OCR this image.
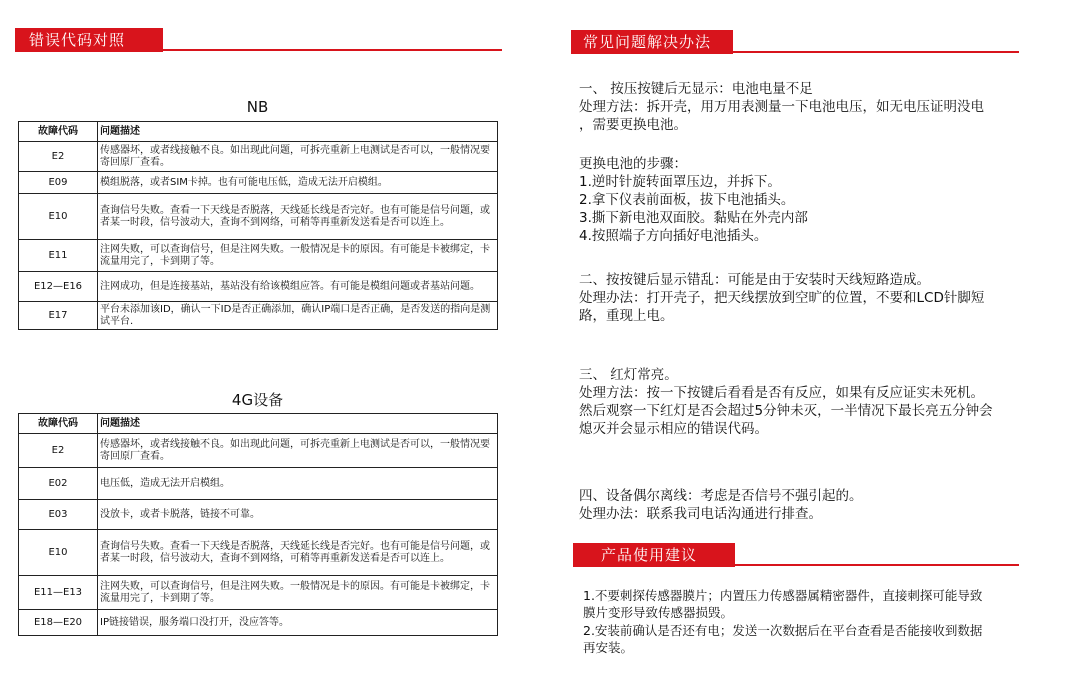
错误代码对照
NB
故障代码	问题描述
E2	传感器坏，或者线接触不良。如出现此问题，可拆壳重新上电测试是否可以，一般情况要寄回原厂查看。
E09	模组脱落，或者SIM卡掉。也有可能电压低，造成无法开启模组。
E10	查询信号失败。查看一下天线是否脱落，天线延长线是否完好。也有可能是信号问题，或者某一时段，信号波动大，查询不到网络，可稍等再重新发送看是否可以连上。
E11	注网失败，可以查询信号，但是注网失败。一般情况是卡的原因。有可能是卡被绑定，卡流量用完了，卡到期了等。
E12—E16	注网成功，但是连接基站，基站没有给该模组应答。有可能是模组问题或者基站问题。
E17	平台未添加该ID，确认一下ID是否正确添加，确认IP端口是否正确，是否发送的指向是测试平台.
4G设备
故障代码	问题描述
E2	传感器坏，或者线接触不良。如出现此问题，可拆壳重新上电测试是否可以，一般情况要寄回原厂查看。
E02	电压低，造成无法开启模组。
E03	没放卡，或者卡脱落，链接不可靠。
E10	查询信号失败。查看一下天线是否脱落，天线延长线是否完好。也有可能是信号问题，或者某一时段，信号波动大，查询不到网络，可稍等再重新发送看是否可以连上。
E11—E13	注网失败，可以查询信号，但是注网失败。一般情况是卡的原因。有可能是卡被绑定，卡流量用完了，卡到期了等。
E18—E20	IP链接错误，服务端口没打开，没应答等。
常见问题解决办法
一、 按压按键后无显示：电池电量不足
处理方法：拆开壳，用万用表测量一下电池电压，如无电压证明没电
，需要更换电池。
更换电池的步骤：
1.逆时针旋转面罩压边，并拆下。
2.拿下仪表前面板，拔下电池插头。
3.撕下新电池双面胶。黏贴在外壳内部
4.按照端子方向插好电池插头。
二、按按键后显示错乱：可能是由于安装时天线短路造成。
处理办法：打开壳子，把天线摆放到空旷的位置，不要和LCD针脚短
路，重现上电。
三、 红灯常亮。
处理方法：按一下按键后看看是否有反应，如果有反应证实未死机。
然后观察一下红灯是否会超过5分钟未灭，一半情况下最长亮五分钟会
熄灭并会显示相应的错误代码。
四、设备偶尔离线：考虑是否信号不强引起的。
处理办法：联系我司电话沟通进行排查。
产品使用建议
1.不要刺探传感器膜片；内置压力传感器属精密器件，直接刺探可能导致
膜片变形导致传感器损毁。
2.安装前确认是否还有电；发送一次数据后在平台查看是否能接收到数据
再安装。
